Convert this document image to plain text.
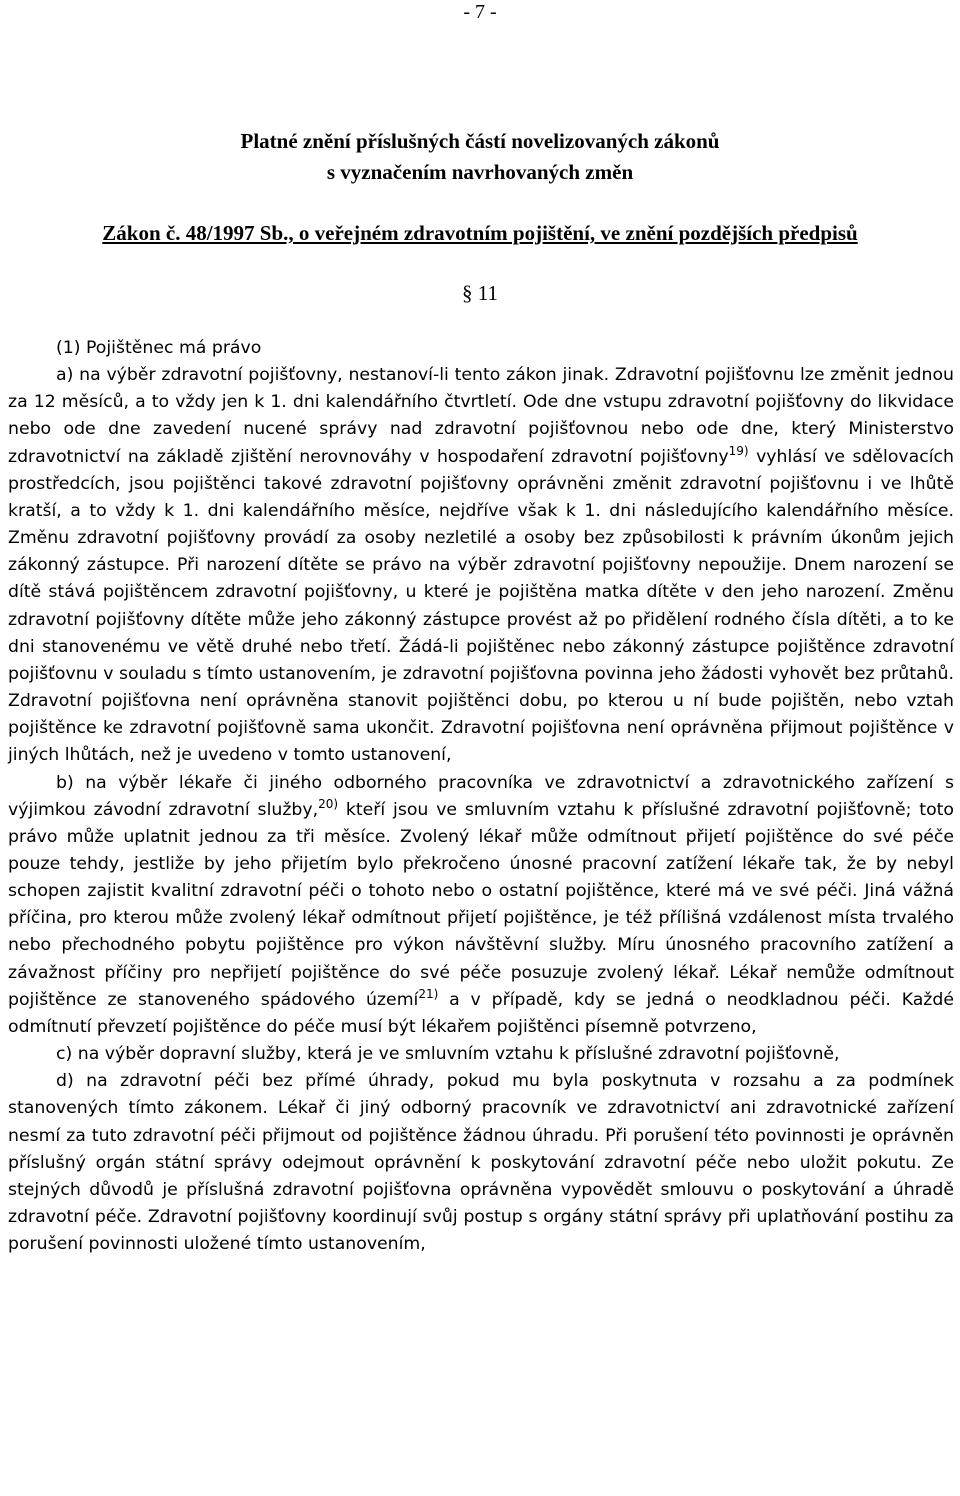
- 7 -
Platné znění příslušných částí novelizovaných zákonů
s vyznačením navrhovaných změn
Zákon č. 48/1997 Sb., o veřejném zdravotním pojištění, ve znění pozdějších předpisů
§ 11

(1) Pojištěnec má právo

a) na výběr zdravotní pojišťovny, nestanoví-li tento zákon jinak. Zdravotní pojišťovnu lze změnit jednou za 12 měsíců, a to vždy jen k 1. dni kalendářního čtvrtletí. Ode dne vstupu zdravotní pojišťovny do likvidace nebo ode dne zavedení nucené správy nad zdravotní pojišťovnou nebo ode dne, který Ministerstvo zdravotnictví na základě zjištění nerovnováhy v hospodaření zdravotní pojišťovny$^{19)}$ vyhlásí ve sdělovacích prostředcích, jsou pojištěnci takové zdravotní pojišťovny oprávněni změnit zdravotní pojišťovnu i ve lhůtě kratší, a to vždy k 1. dni kalendářního měsíce, nejdříve však k 1. dni následujícího kalendářního měsíce. Změnu zdravotní pojišťovny provádí za osoby nezletilé a osoby bez způsobilosti k právním úkonům jejich zákonný zástupce. Při narození dítěte se právo na výběr zdravotní pojišťovny nepoužije. Dnem narození se dítě stává pojištěncem zdravotní pojišťovny, u které je pojištěna matka dítěte v den jeho narození. Změnu zdravotní pojišťovny dítěte může jeho zákonný zástupce provést až po přidělení rodného čísla dítěti, a to ke dni stanovenému ve větě druhé nebo třetí. Žádá-li pojištěnec nebo zákonný zástupce pojištěnce zdravotní pojišťovnu v souladu s tímto ustanovením, je zdravotní pojišťovna povinna jeho žádosti vyhovět bez průtahů. Zdravotní pojišťovna není oprávněna stanovit pojištěnci dobu, po kterou u ní bude pojištěn, nebo vztah pojištěnce ke zdravotní pojišťovně sama ukončit. Zdravotní pojišťovna není oprávněna přijmout pojištěnce v jiných lhůtách, než je uvedeno v tomto ustanovení,

b) na výběr lékaře či jiného odborného pracovníka ve zdravotnictví a zdravotnického zařízení s výjimkou závodní zdravotní služby,$^{20)}$ kteří jsou ve smluvním vztahu k příslušné zdravotní pojišťovně; toto právo může uplatnit jednou za tři měsíce. Zvolený lékař může odmítnout přijetí pojištěnce do své péče pouze tehdy, jestliže by jeho přijetím bylo překročeno únosné pracovní zatížení lékaře tak, že by nebyl schopen zajistit kvalitní zdravotní péči o tohoto nebo o ostatní pojištěnce, které má ve své péči. Jiná vážná příčina, pro kterou může zvolený lékař odmítnout přijetí pojištěnce, je též přílišná vzdálenost místa trvalého nebo přechodného pobytu pojištěnce pro výkon návštěvní služby. Míru únosného pracovního zatížení a závažnost příčiny pro nepřijetí pojištěnce do své péče posuzuje zvolený lékař. Lékař nemůže odmítnout pojištěnce ze stanoveného spádového území$^{21)}$ a v případě, kdy se jedná o neodkladnou péči. Každé odmítnutí převzetí pojištěnce do péče musí být lékařem pojištěnci písemně potvrzeno,

c) na výběr dopravní služby, která je ve smluvním vztahu k příslušné zdravotní pojišťovně,

d) na zdravotní péči bez přímé úhrady, pokud mu byla poskytnuta v rozsahu a za podmínek stanovených tímto zákonem. Lékař či jiný odborný pracovník ve zdravotnictví ani zdravotnické zařízení nesmí za tuto zdravotní péči přijmout od pojištěnce žádnou úhradu. Při porušení této povinnosti je oprávněn příslušný orgán státní správy odejmout oprávnění k poskytování zdravotní péče nebo uložit pokutu. Ze stejných důvodů je příslušná zdravotní pojišťovna oprávněna vypovědět smlouvu o poskytování a úhradě zdravotní péče. Zdravotní pojišťovny koordinují svůj postup s orgány státní správy při uplatňování postihu za porušení povinnosti uložené tímto ustanovením,
